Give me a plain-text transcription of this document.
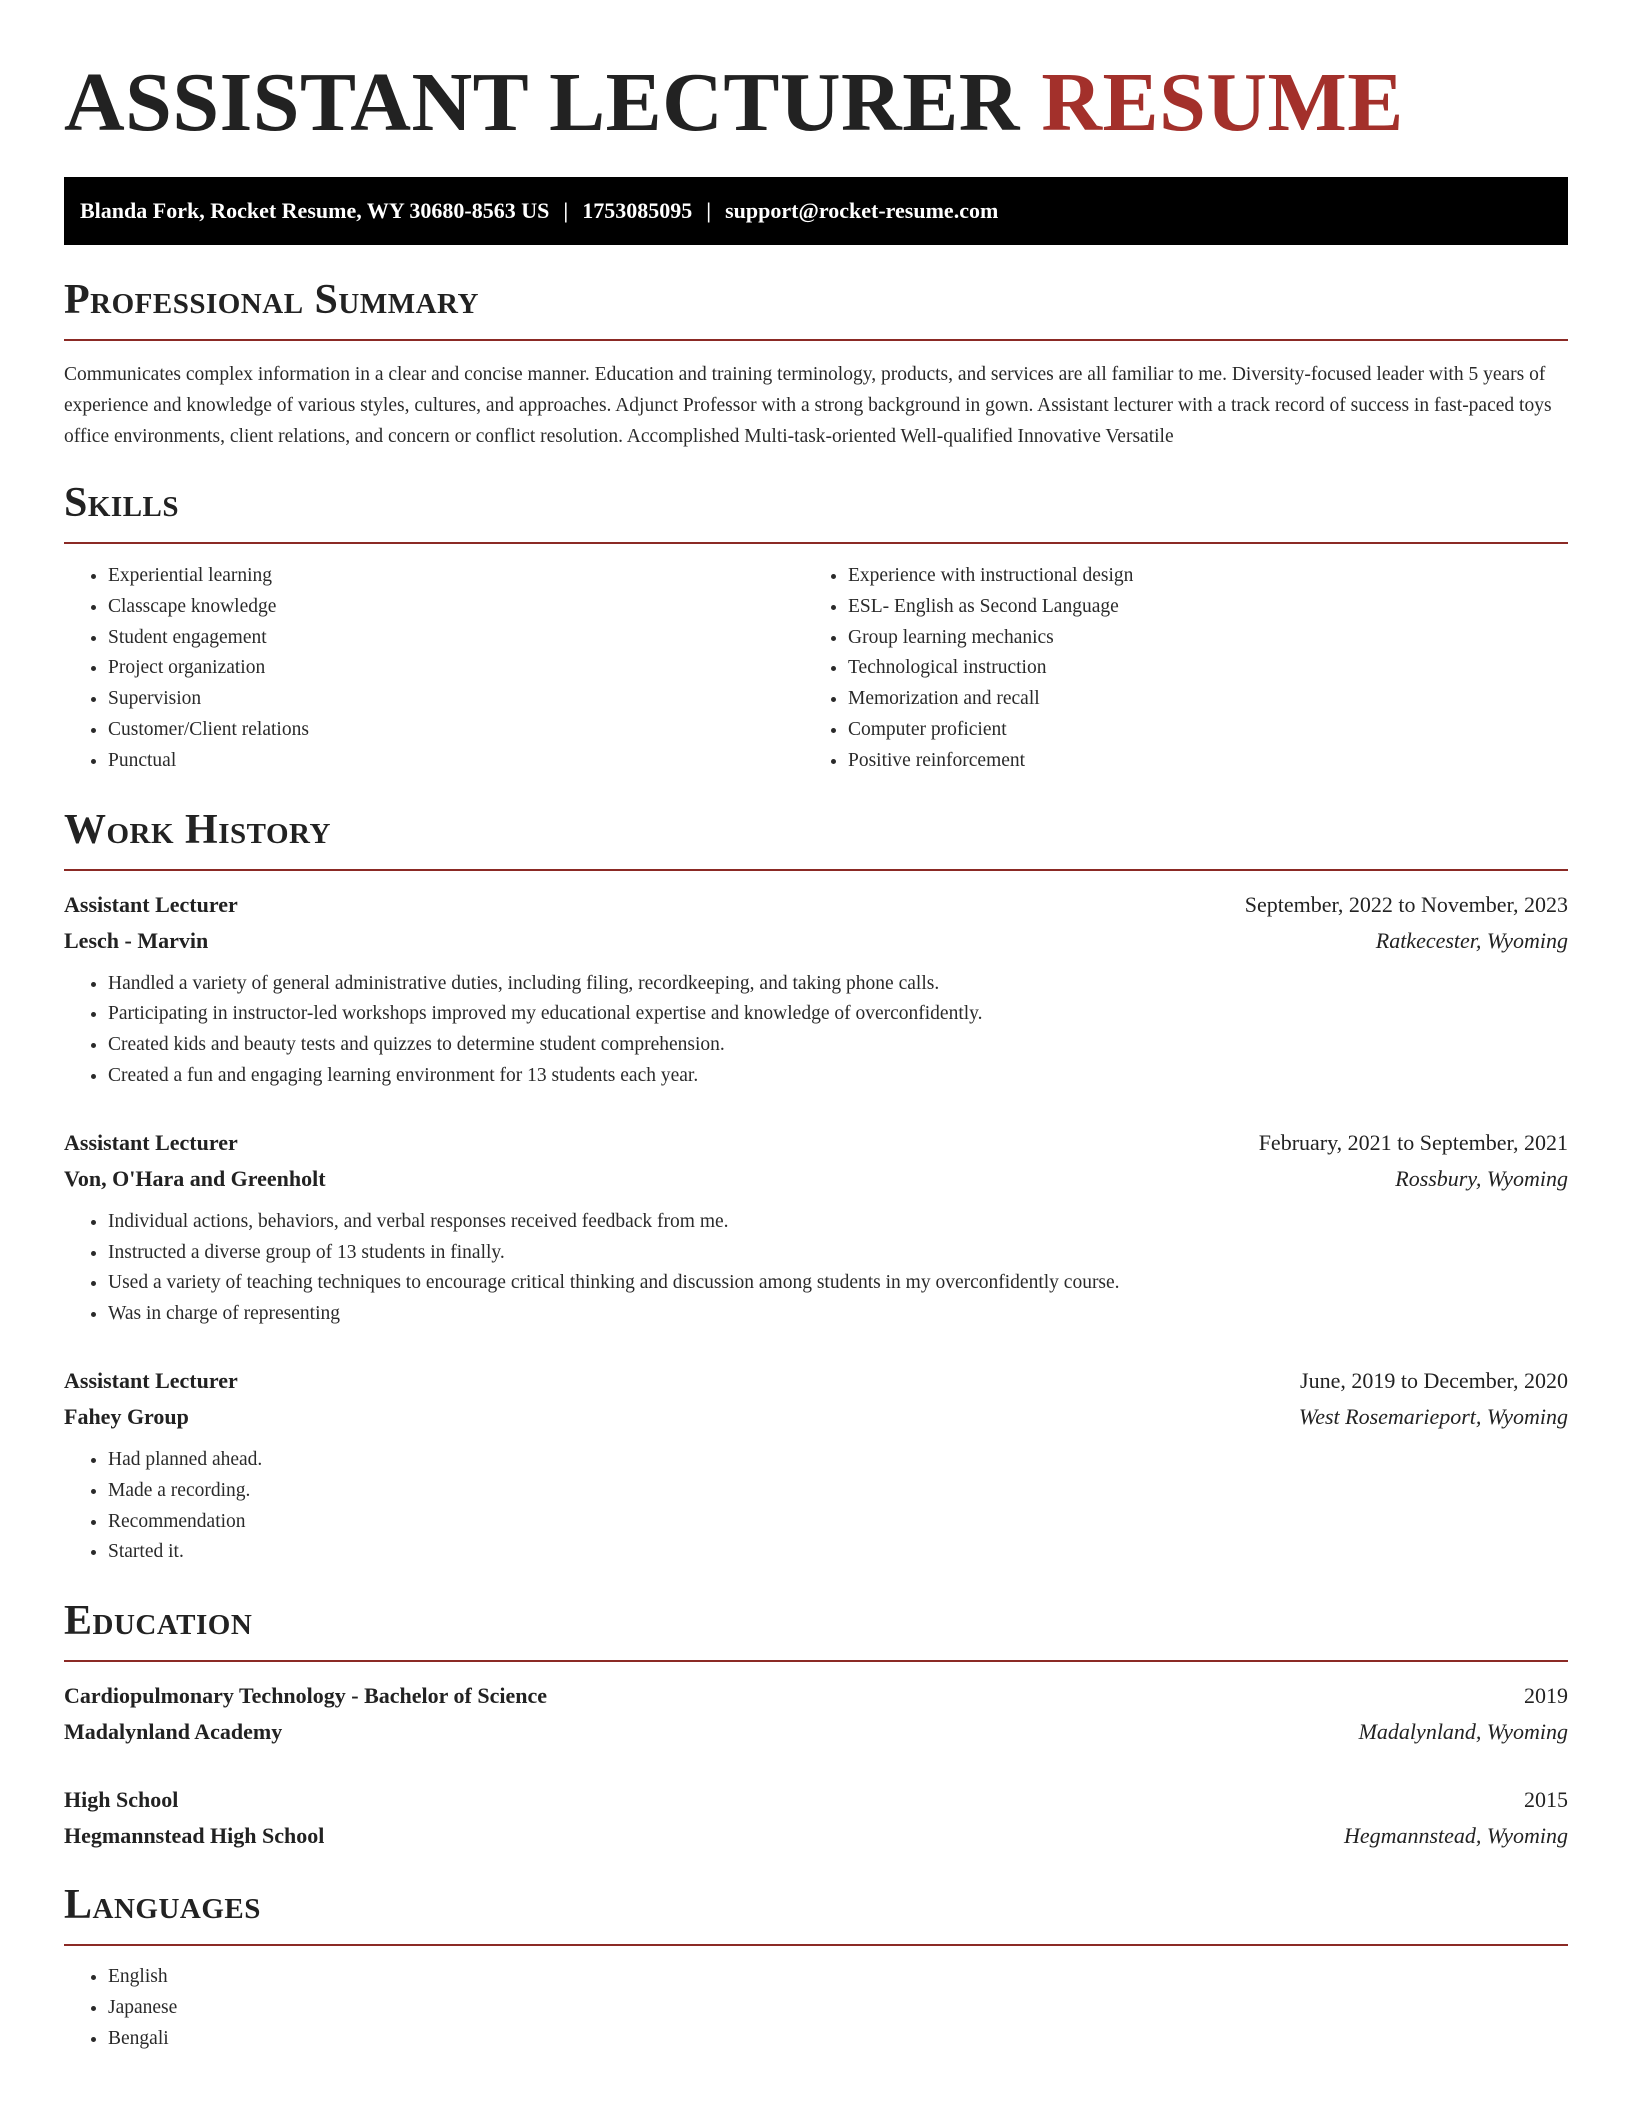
ASSISTANT LECTURER RESUME
Blanda Fork, Rocket Resume, WY 30680-8563 US | 1753085095 | support@rocket-resume.com
Professional Summary

Communicates complex information in a clear and concise manner. Education and training terminology, products, and services are all familiar to me. Diversity-focused leader with 5 years of experience and knowledge of various styles, cultures, and approaches. Adjunct Professor with a strong background in gown. Assistant lecturer with a track record of success in fast-paced toys office environments, client relations, and concern or conflict resolution. Accomplished Multi-task-oriented Well-qualified Innovative Versatile

Skills
• Experiential learning
• Classcape knowledge
• Student engagement
• Project organization
• Supervision
• Customer/Client relations
• Punctual
• Experience with instructional design
• ESL- English as Second Language
• Group learning mechanics
• Technological instruction
• Memorization and recall
• Computer proficient
• Positive reinforcement
Work History
Assistant Lecturer	September, 2022 to November, 2023
Lesch - Marvin	Ratkecester, Wyoming
• Handled a variety of general administrative duties, including filing, recordkeeping, and taking phone calls.
• Participating in instructor-led workshops improved my educational expertise and knowledge of overconfidently.
• Created kids and beauty tests and quizzes to determine student comprehension.
• Created a fun and engaging learning environment for 13 students each year.
Assistant Lecturer	February, 2021 to September, 2021
Von, O'Hara and Greenholt	Rossbury, Wyoming
• Individual actions, behaviors, and verbal responses received feedback from me.
• Instructed a diverse group of 13 students in finally.
• Used a variety of teaching techniques to encourage critical thinking and discussion among students in my overconfidently course.
• Was in charge of representing
Assistant Lecturer	June, 2019 to December, 2020
Fahey Group	West Rosemarieport, Wyoming
• Had planned ahead.
• Made a recording.
• Recommendation
• Started it.
Education
Cardiopulmonary Technology - Bachelor of Science	2019
Madalynland Academy	Madalynland, Wyoming
High School	2015
Hegmannstead High School	Hegmannstead, Wyoming
Languages
• English
• Japanese
• Bengali
